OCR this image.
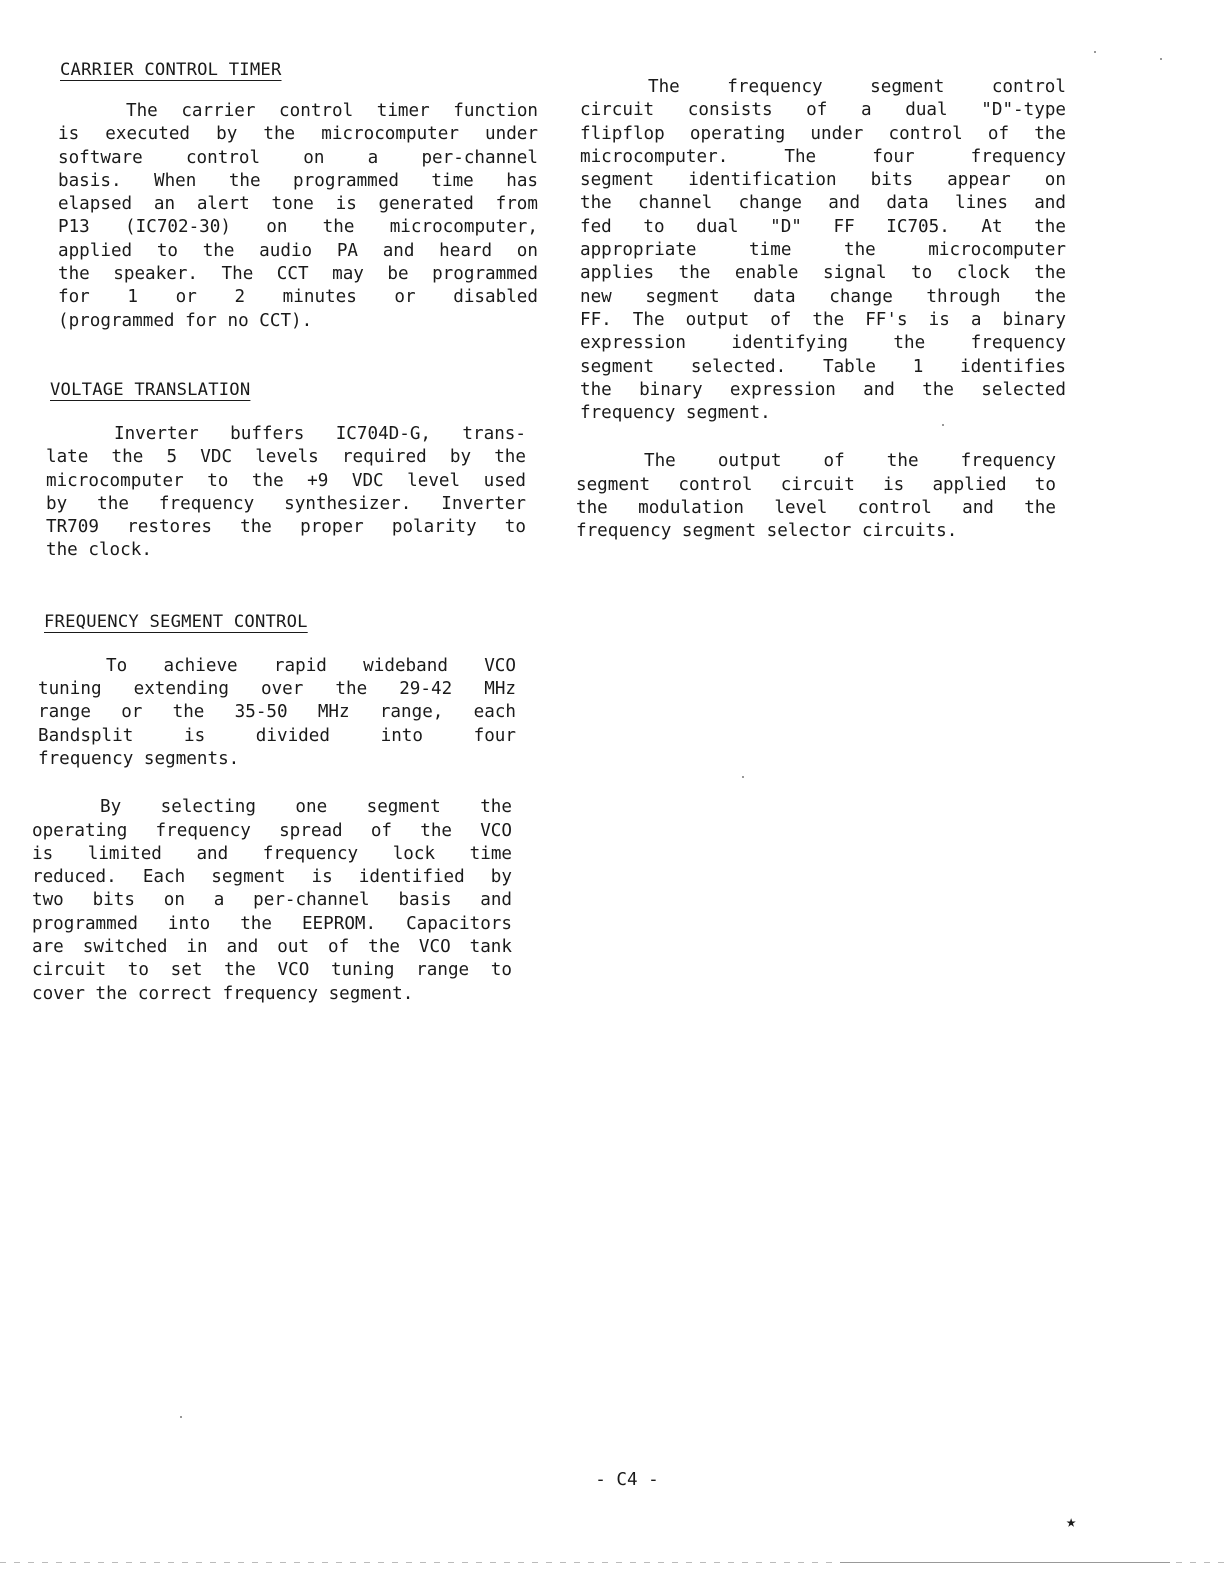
CARRIER CONTROL TIMER

The carrier control timer function
is executed by the microcomputer under
software control on a per-channel
basis. When the programmed time has
elapsed an alert tone is generated from
P13 (IC702-30) on the microcomputer,
applied to the audio PA and heard on
the speaker. The CCT may be programmed
for 1 or 2 minutes or disabled
(programmed for no CCT).

VOLTAGE TRANSLATION

Inverter buffers IC704D-G, trans-
late the 5 VDC levels required by the
microcomputer to the +9 VDC level used
by the frequency synthesizer. Inverter
TR709 restores the proper polarity to
the clock.

FREQUENCY SEGMENT CONTROL

To achieve rapid wideband VCO
tuning extending over the 29-42 MHz
range or the 35-50 MHz range, each
Bandsplit is divided into four
frequency segments.

By selecting one segment the
operating frequency spread of the VCO
is limited and frequency lock time
reduced. Each segment is identified by
two bits on a per-channel basis and
programmed into the EEPROM. Capacitors
are switched in and out of the VCO tank
circuit to set the VCO tuning range to
cover the correct frequency segment.

The frequency segment control
circuit consists of a dual "D"-type
flipflop operating under control of the
microcomputer. The four frequency
segment identification bits appear on
the channel change and data lines and
fed to dual "D" FF IC705. At the
appropriate time the microcomputer
applies the enable signal to clock the
new segment data change through the
FF. The output of the FF's is a binary
expression identifying the frequency
segment selected. Table 1 identifies
the binary expression and the selected
frequency segment.

The output of the frequency
segment control circuit is applied to
the modulation level control and the
frequency segment selector circuits.

- C4 -
★
